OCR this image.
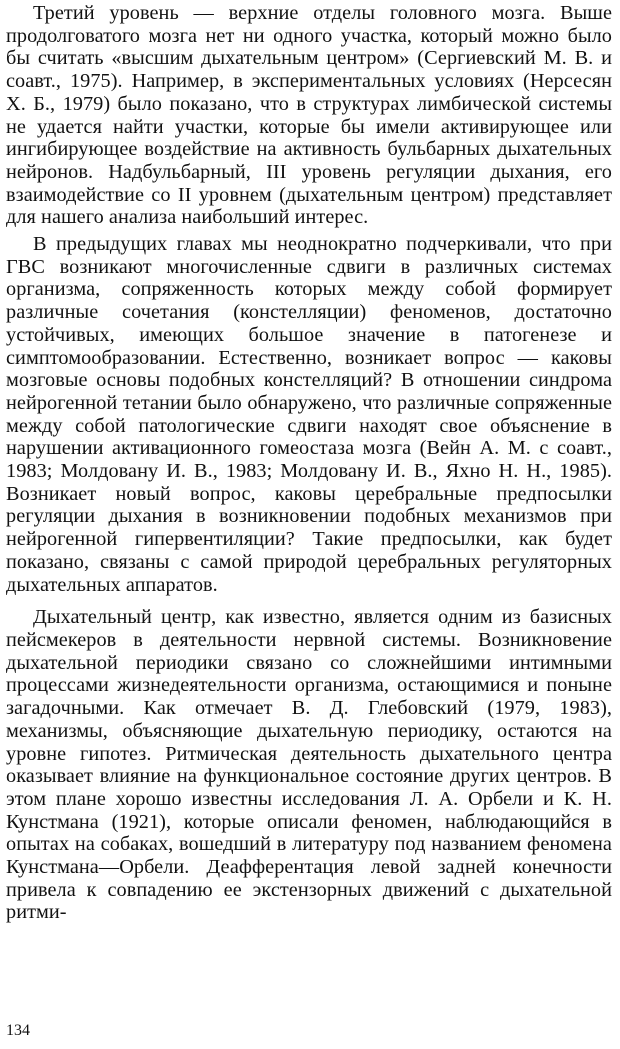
Третий уровень — верхние отделы головного мозга. Выше продолговатого мозга нет ни одного участка, который можно было бы считать «высшим дыхательным центром» (Сергиевский М. В. и соавт., 1975). Например, в экспериментальных условиях (Нерсесян Х. Б., 1979) было показано, что в структурах лимбической системы не удается найти участки, которые бы имели активирующее или ингибирующее воздействие на активность бульбарных дыхательных нейронов. Надбульбарный, III уровень регуляции дыхания, его взаимодействие со II уровнем (дыхательным центром) представляет для нашего анализа наибольший интерес.

В предыдущих главах мы неоднократно подчеркивали, что при ГВС возникают многочисленные сдвиги в различных системах организма, сопряженность которых между собой формирует различные сочетания (констелляции) феноменов, достаточно устойчивых, имеющих большое значение в патогенезе и симптомообразовании. Естественно, возникает вопрос — каковы мозговые основы подобных констелляций? В отношении синдрома нейрогенной тетании было обнаружено, что различные сопряженные между собой патологические сдвиги находят свое объяснение в нарушении активационного гомеостаза мозга (Вейн А. М. с соавт., 1983; Молдовану И. В., 1983; Молдовану И. В., Яхно Н. Н., 1985). Возникает новый вопрос, каковы церебральные предпосылки регуляции дыхания в возникновении подобных механизмов при нейрогенной гипервентиляции? Такие предпосылки, как будет показано, связаны с самой природой церебральных регуляторных дыхательных аппаратов.

Дыхательный центр, как известно, является одним из базисных пейсмекеров в деятельности нервной системы. Возникновение дыхательной периодики связано со сложнейшими интимными процессами жизнедеятельности организма, остающимися и поныне загадочными. Как отмечает В. Д. Глебовский (1979, 1983), механизмы, объясняющие дыхательную периодику, остаются на уровне гипотез. Ритмическая деятельность дыхательного центра оказывает влияние на функциональное состояние других центров. В этом плане хорошо известны исследования Л. А. Орбели и К. Н. Кунстмана (1921), которые описали феномен, наблюдающийся в опытах на собаках, вошедший в литературу под названием феномена Кунстмана—Орбели. Деафферентация левой задней конечности привела к совпадению ее экстензорных движений с дыхательной ритми-

134
